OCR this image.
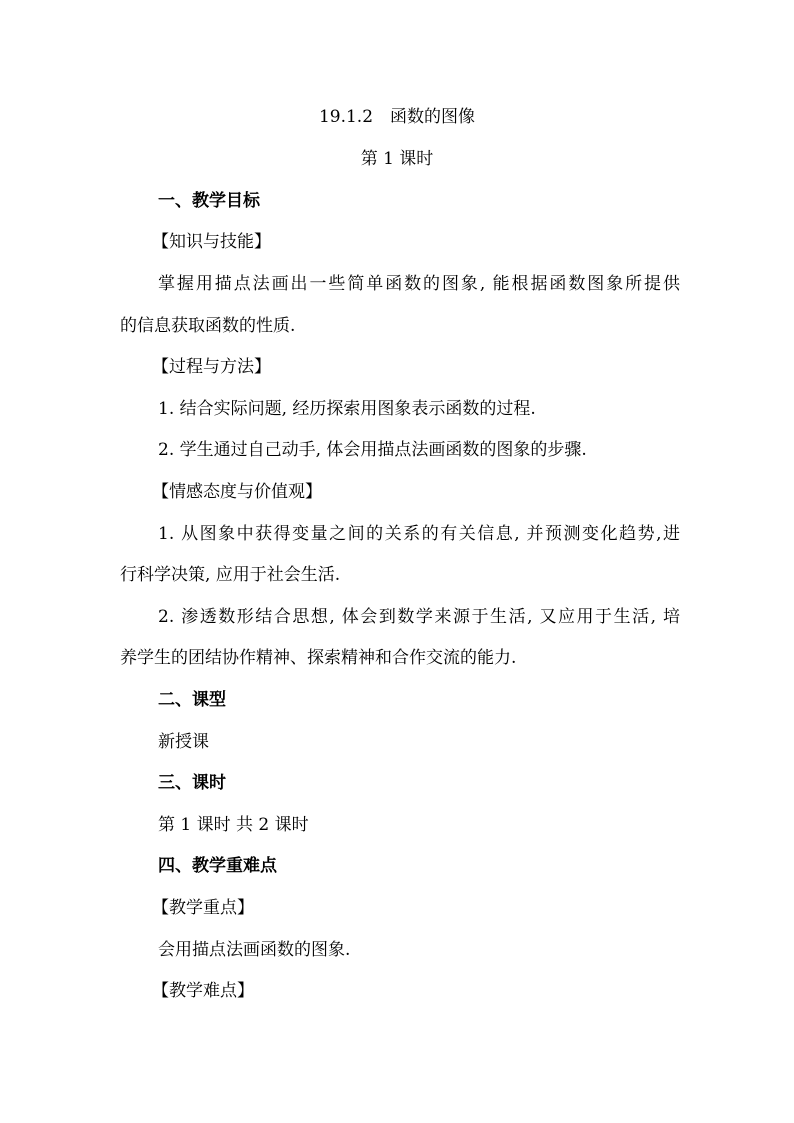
19.1.2　函数的图像
第 1 课时
一、教学目标
【知识与技能】
掌握用描点法画出一些简单函数的图象, 能根据函数图象所提供
的信息获取函数的性质.
【过程与方法】
1. 结合实际问题, 经历探索用图象表示函数的过程.
2. 学生通过自己动手, 体会用描点法画函数的图象的步骤.
【情感态度与价值观】
1. 从图象中获得变量之间的关系的有关信息, 并预测变化趋势,进
行科学决策, 应用于社会生活.
2. 渗透数形结合思想, 体会到数学来源于生活, 又应用于生活, 培
养学生的团结协作精神、探索精神和合作交流的能力.
二、课型
新授课
三、课时
第 1 课时 共 2 课时
四、教学重难点
【教学重点】
会用描点法画函数的图象.
【教学难点】
